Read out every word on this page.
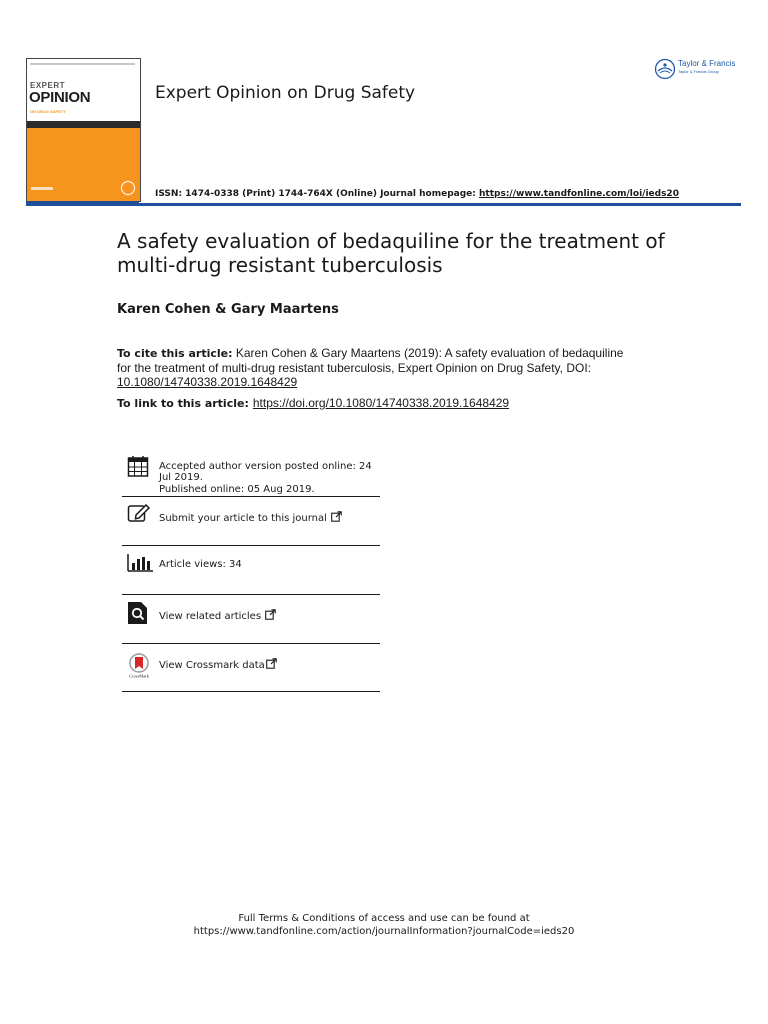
EXPERT
OPINION
ON DRUG SAFETY
Expert Opinion on Drug Safety
Taylor & Francis
Taylor & Francis Group
ISSN: 1474-0338 (Print) 1744-764X (Online) Journal homepage: https://www.tandfonline.com/loi/ieds20
A safety evaluation of bedaquiline for the treatment of multi-drug resistant tuberculosis
Karen Cohen & Gary Maartens
To cite this article: Karen Cohen & Gary Maartens (2019): A safety evaluation of bedaquiline for the treatment of multi-drug resistant tuberculosis, Expert Opinion on Drug Safety, DOI: 10.1080/14740338.2019.1648429
To link to this article: https://doi.org/10.1080/14740338.2019.1648429
Accepted author version posted online: 24 Jul 2019.
Published online: 05 Aug 2019.
Submit your article to this journal
Article views: 34
View related articles
CrossMark
View Crossmark data
Full Terms & Conditions of access and use can be found at
https://www.tandfonline.com/action/journalInformation?journalCode=ieds20
